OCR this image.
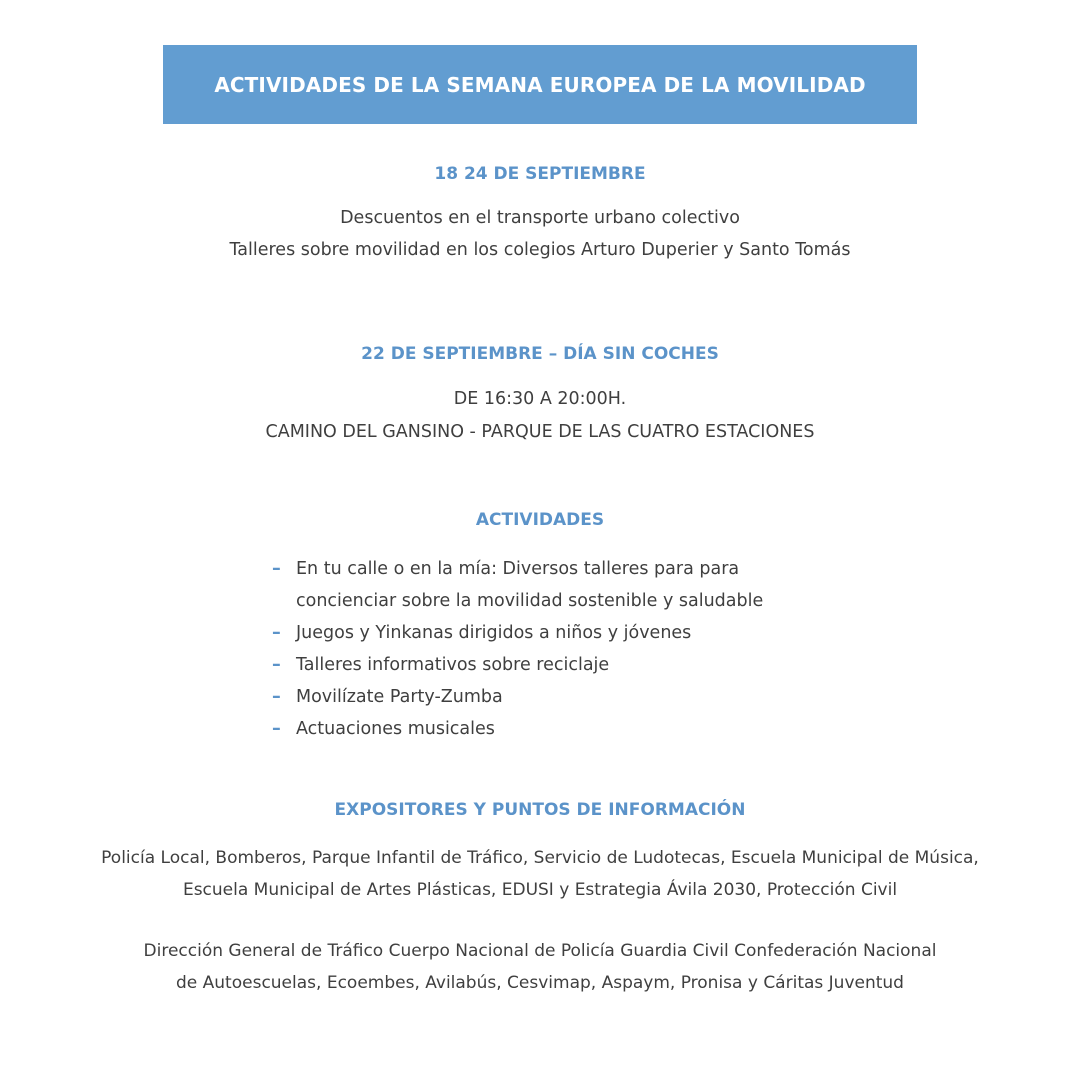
ACTIVIDADES DE LA SEMANA EUROPEA DE LA MOVILIDAD
18 24 DE SEPTIEMBRE
Descuentos en el transporte urbano colectivo
Talleres sobre movilidad en los colegios Arturo Duperier y Santo Tomás
22 DE SEPTIEMBRE – DÍA SIN COCHES
DE 16:30 A 20:00H.
CAMINO DEL GANSINO - PARQUE DE LAS CUATRO ESTACIONES
ACTIVIDADES
– En tu calle o en la mía: Diversos talleres para para
concienciar sobre la movilidad sostenible y saludable
– Juegos y Yinkanas dirigidos a niños y jóvenes
– Talleres informativos sobre reciclaje
– Movilízate Party-Zumba
– Actuaciones musicales
EXPOSITORES Y PUNTOS DE INFORMACIÓN
Policía Local, Bomberos, Parque Infantil de Tráfico, Servicio de Ludotecas, Escuela Municipal de Música,
Escuela Municipal de Artes Plásticas, EDUSI y Estrategia Ávila 2030, Protección Civil
Dirección General de Tráfico Cuerpo Nacional de Policía Guardia Civil Confederación Nacional
de Autoescuelas, Ecoembes, Avilabús, Cesvimap, Aspaym, Pronisa y Cáritas Juventud
